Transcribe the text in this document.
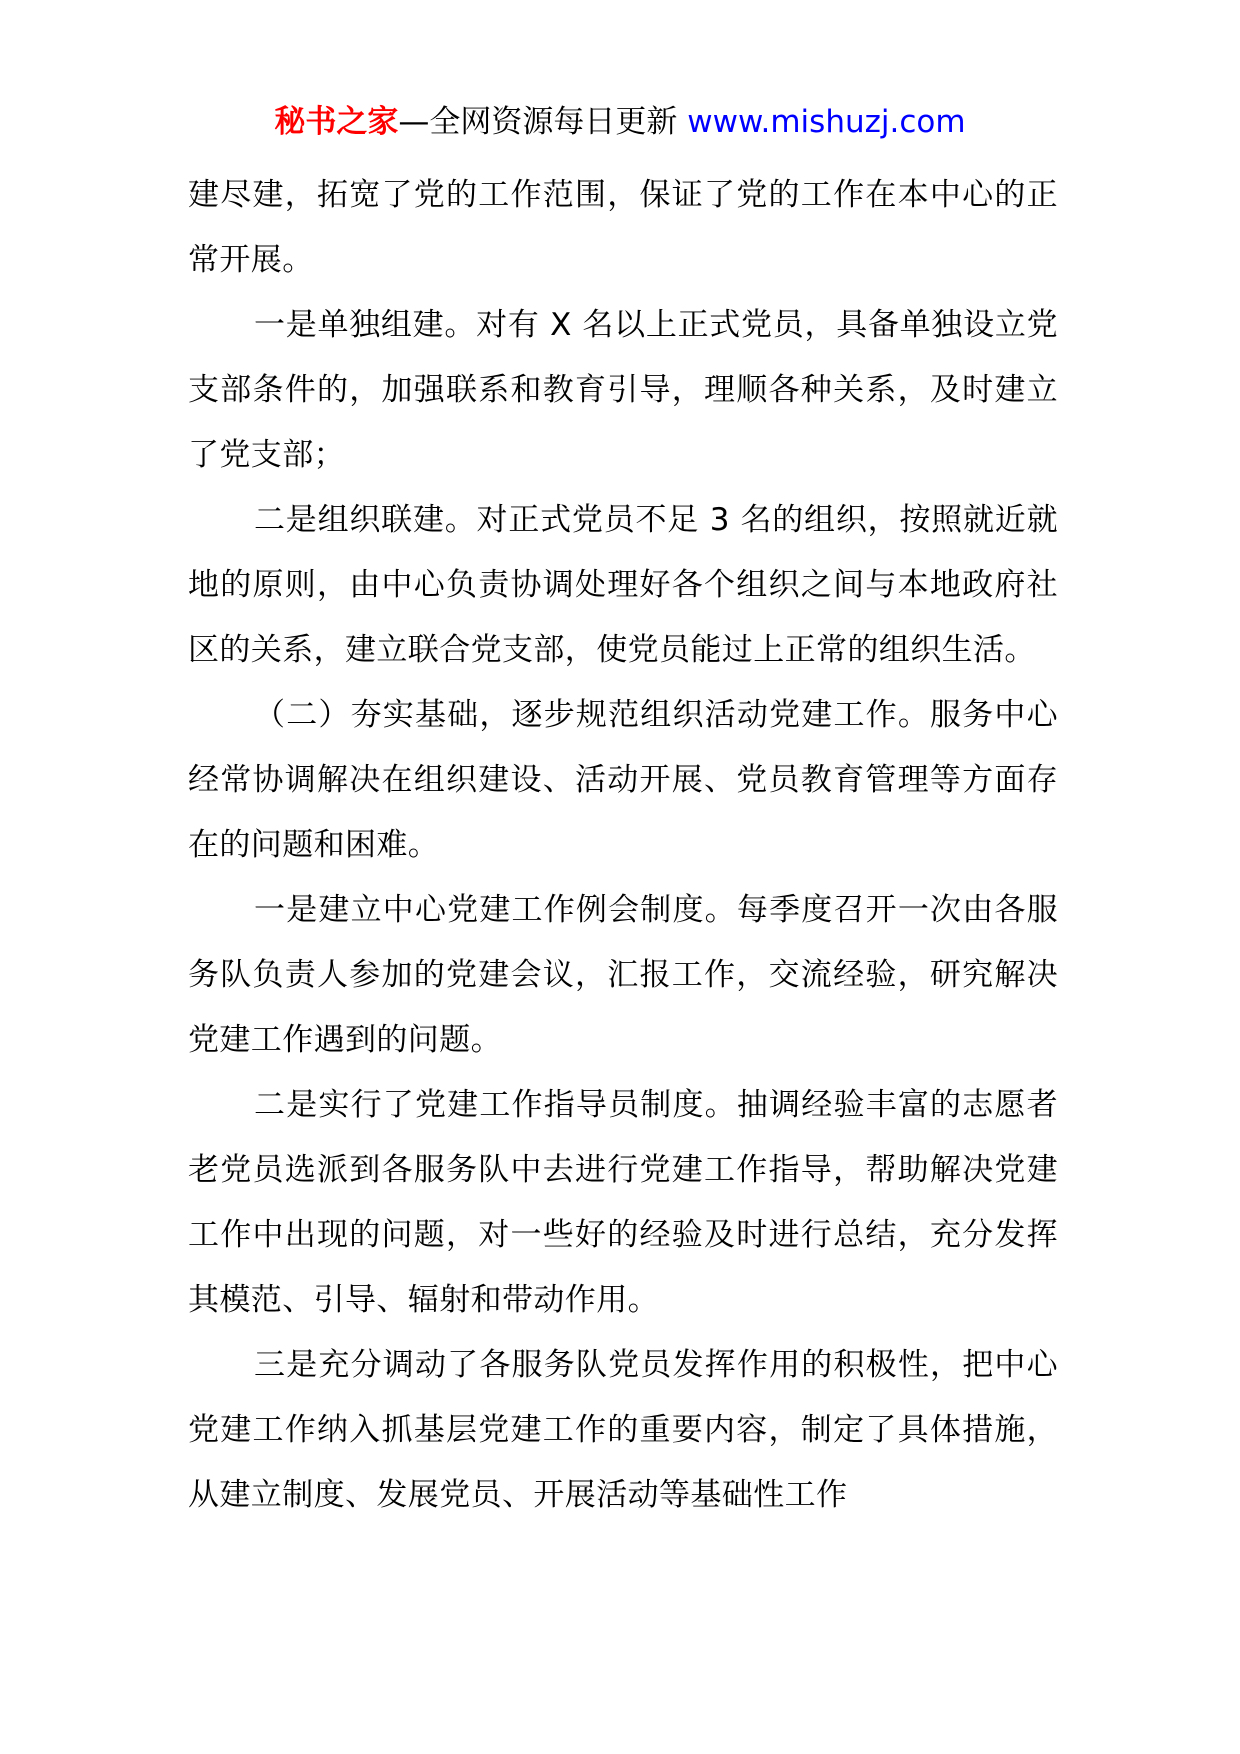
秘书之家—全网资源每日更新 www.mishuzj.com

建尽建，拓宽了党的工作范围，保证了党的工作在本中心的正常开展。

一是单独组建。对有 X 名以上正式党员，具备单独设立党支部条件的，加强联系和教育引导，理顺各种关系，及时建立了党支部；

二是组织联建。对正式党员不足 3 名的组织，按照就近就地的原则，由中心负责协调处理好各个组织之间与本地政府社区的关系，建立联合党支部，使党员能过上正常的组织生活。

（二）夯实基础，逐步规范组织活动党建工作。服务中心经常协调解决在组织建设、活动开展、党员教育管理等方面存在的问题和困难。

一是建立中心党建工作例会制度。每季度召开一次由各服务队负责人参加的党建会议，汇报工作，交流经验，研究解决党建工作遇到的问题。

二是实行了党建工作指导员制度。抽调经验丰富的志愿者老党员选派到各服务队中去进行党建工作指导，帮助解决党建工作中出现的问题，对一些好的经验及时进行总结，充分发挥其模范、引导、辐射和带动作用。

三是充分调动了各服务队党员发挥作用的积极性，把中心党建工作纳入抓基层党建工作的重要内容，制定了具体措施，从建立制度、发展党员、开展活动等基础性工作
